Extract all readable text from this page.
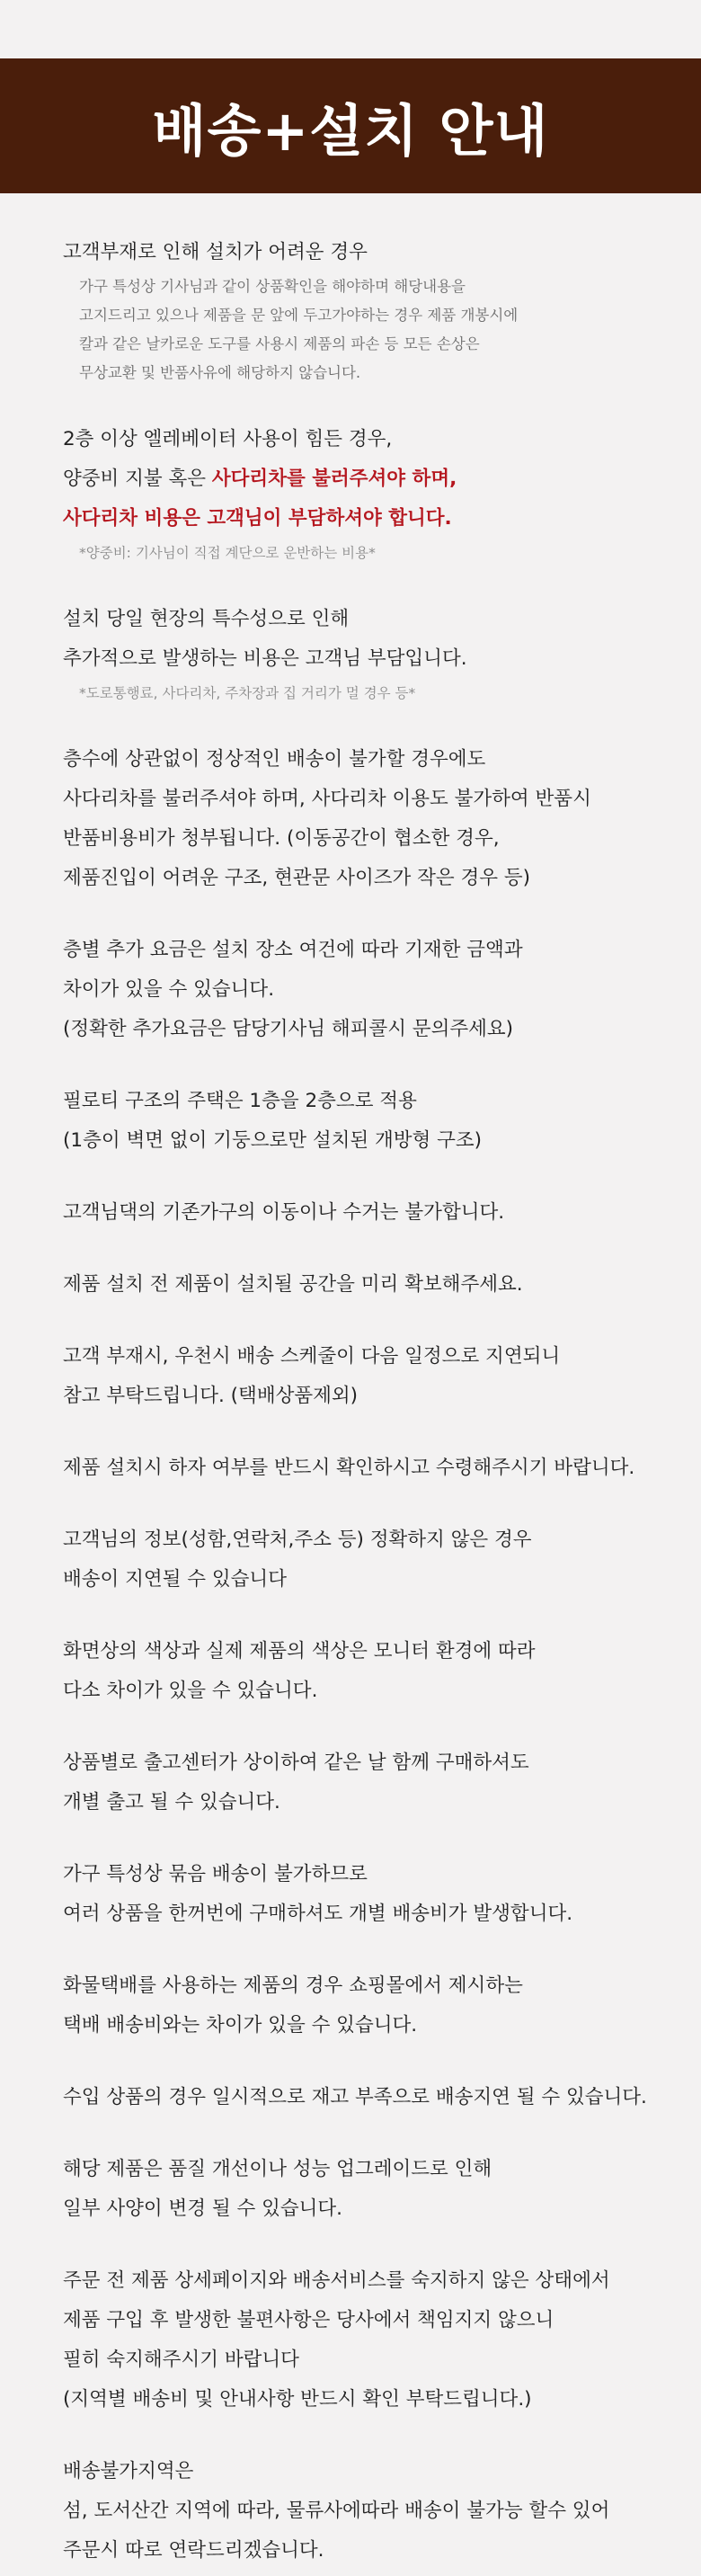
배송+설치 안내
고객부재로 인해 설치가 어려운 경우
가구 특성상 기사님과 같이 상품확인을 해야하며 해당내용을
고지드리고 있으나 제품을 문 앞에 두고가야하는 경우 제품 개봉시에
칼과 같은 날카로운 도구를 사용시 제품의 파손 등 모든 손상은
무상교환 및 반품사유에 해당하지 않습니다.
2층 이상 엘레베이터 사용이 힘든 경우,
양중비 지불 혹은 사다리차를 불러주셔야 하며,
사다리차 비용은 고객님이 부담하셔야 합니다.
*양중비: 기사님이 직접 계단으로 운반하는 비용*
설치 당일 현장의 특수성으로 인해
추가적으로 발생하는 비용은 고객님 부담입니다.
*도로통행료, 사다리차, 주차장과 집 거리가 멀 경우 등*
층수에 상관없이 정상적인 배송이 불가할 경우에도
사다리차를 불러주셔야 하며, 사다리차 이용도 불가하여 반품시
반품비용비가 청부됩니다. (이동공간이 협소한 경우,
제품진입이 어려운 구조, 현관문 사이즈가 작은 경우 등)
층별 추가 요금은 설치 장소 여건에 따라 기재한 금액과
차이가 있을 수 있습니다.
(정확한 추가요금은 담당기사님 해피콜시 문의주세요)
필로티 구조의 주택은 1층을 2층으로 적용
(1층이 벽면 없이 기둥으로만 설치된 개방형 구조)
고객님댁의 기존가구의 이동이나 수거는 불가합니다.
제품 설치 전 제품이 설치될 공간을 미리 확보해주세요.
고객 부재시, 우천시 배송 스케줄이 다음 일정으로 지연되니
참고 부탁드립니다. (택배상품제외)
제품 설치시 하자 여부를 반드시 확인하시고 수령해주시기 바랍니다.
고객님의 정보(성함,연락처,주소 등) 정확하지 않은 경우
배송이 지연될 수 있습니다
화면상의 색상과 실제 제품의 색상은 모니터 환경에 따라
다소 차이가 있을 수 있습니다.
상품별로 출고센터가 상이하여 같은 날 함께 구매하셔도
개별 출고 될 수 있습니다.
가구 특성상 묶음 배송이 불가하므로
여러 상품을 한꺼번에 구매하셔도 개별 배송비가 발생합니다.
화물택배를 사용하는 제품의 경우 쇼핑몰에서 제시하는
택배 배송비와는 차이가 있을 수 있습니다.
수입 상품의 경우 일시적으로 재고 부족으로 배송지연 될 수 있습니다.
해당 제품은 품질 개선이나 성능 업그레이드로 인해
일부 사양이 변경 될 수 있습니다.
주문 전 제품 상세페이지와 배송서비스를 숙지하지 않은 상태에서
제품 구입 후 발생한 불편사항은 당사에서 책임지지 않으니
필히 숙지해주시기 바랍니다
(지역별 배송비 및 안내사항 반드시 확인 부탁드립니다.)
배송불가지역은
섬, 도서산간 지역에 따라, 물류사에따라 배송이 불가능 할수 있어
주문시 따로 연락드리겠습니다.
